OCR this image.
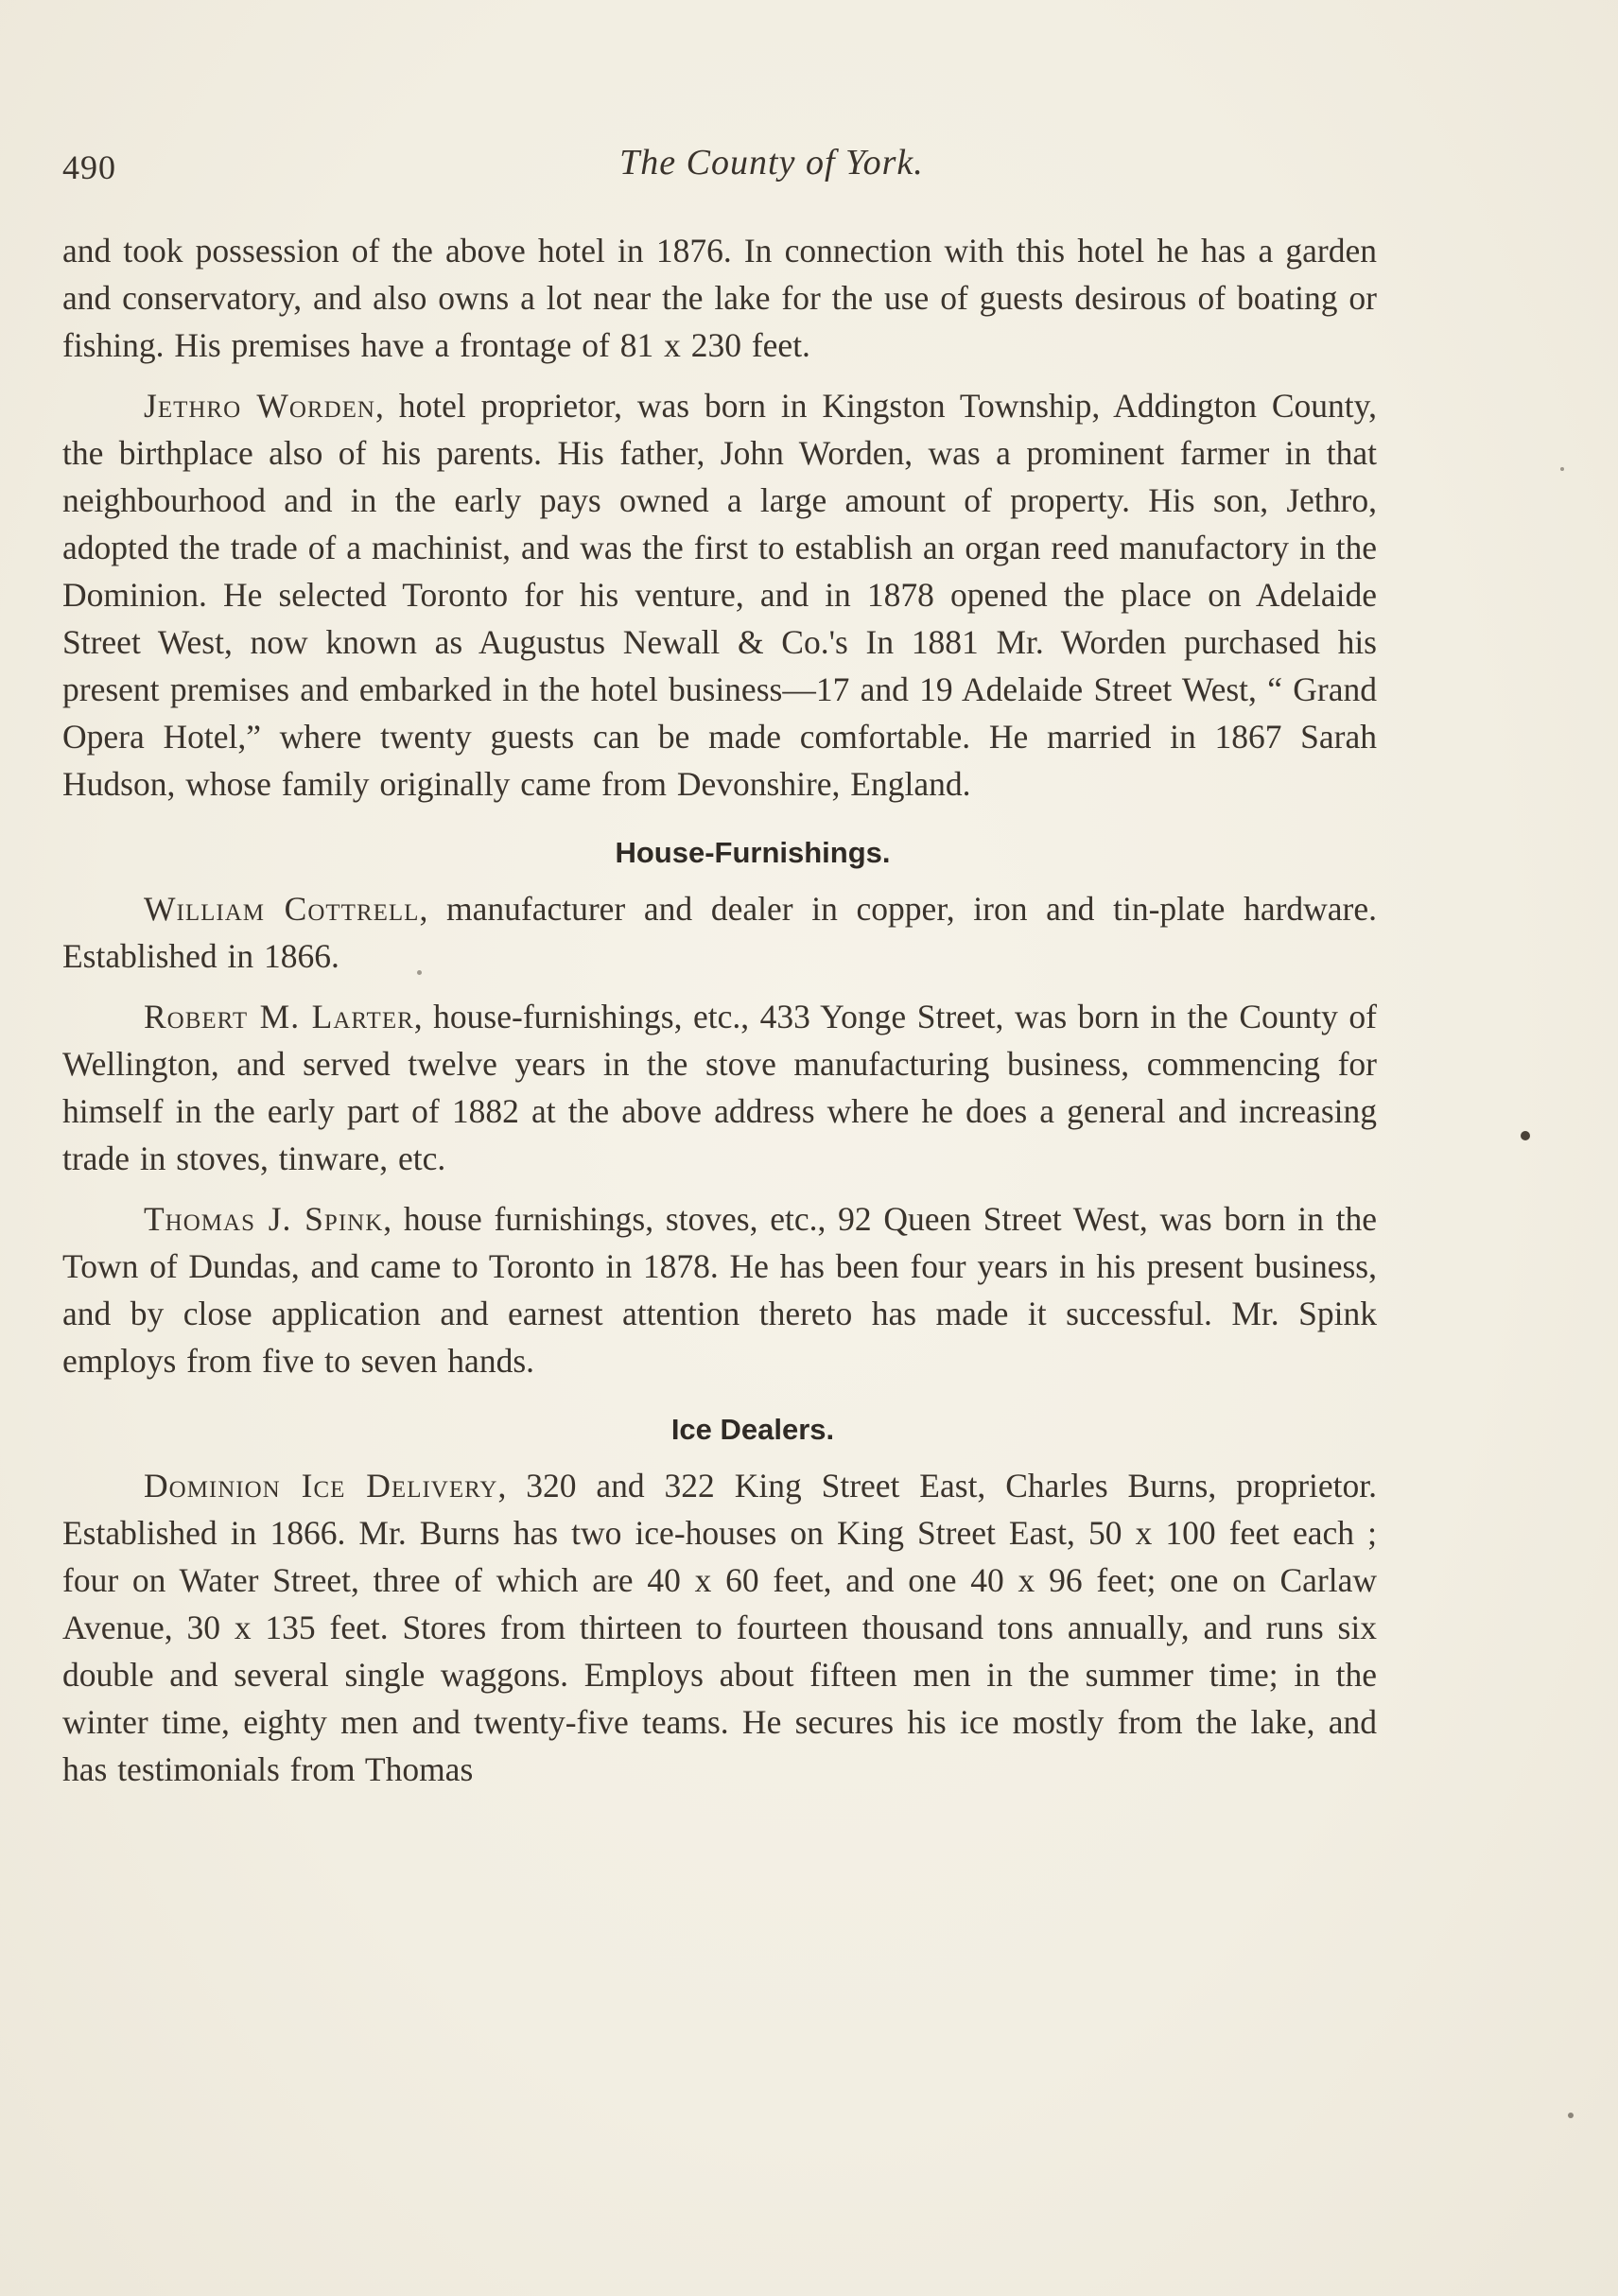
490	The County of York.

and took possession of the above hotel in 1876. In connection with this hotel he has a garden and conservatory, and also owns a lot near the lake for the use of guests desirous of boating or fishing. His premises have a frontage of 81 x 230 feet.

Jethro Worden, hotel proprietor, was born in Kingston Township, Addington County, the birthplace also of his parents. His father, John Worden, was a prominent farmer in that neighbourhood and in the early pays owned a large amount of property. His son, Jethro, adopted the trade of a machinist, and was the first to establish an organ reed manufactory in the Dominion. He selected Toronto for his venture, and in 1878 opened the place on Adelaide Street West, now known as Augustus Newall & Co.'s In 1881 Mr. Worden purchased his present premises and embarked in the hotel business—17 and 19 Adelaide Street West, “ Grand Opera Hotel,” where twenty guests can be made comfortable. He married in 1867 Sarah Hudson, whose family originally came from Devonshire, England.

House-Furnishings.

William Cottrell, manufacturer and dealer in copper, iron and tin-plate hardware. Established in 1866.

Robert M. Larter, house-furnishings, etc., 433 Yonge Street, was born in the County of Wellington, and served twelve years in the stove manufacturing business, commencing for himself in the early part of 1882 at the above address where he does a general and increasing trade in stoves, tinware, etc.

Thomas J. Spink, house furnishings, stoves, etc., 92 Queen Street West, was born in the Town of Dundas, and came to Toronto in 1878. He has been four years in his present business, and by close application and earnest attention thereto has made it successful. Mr. Spink employs from five to seven hands.

Ice Dealers.

Dominion Ice Delivery, 320 and 322 King Street East, Charles Burns, proprietor. Established in 1866. Mr. Burns has two ice-houses on King Street East, 50 x 100 feet each ; four on Water Street, three of which are 40 x 60 feet, and one 40 x 96 feet; one on Carlaw Avenue, 30 x 135 feet. Stores from thirteen to fourteen thousand tons annually, and runs six double and several single waggons. Employs about fifteen men in the summer time; in the winter time, eighty men and twenty-five teams. He secures his ice mostly from the lake, and has testimonials from Thomas
